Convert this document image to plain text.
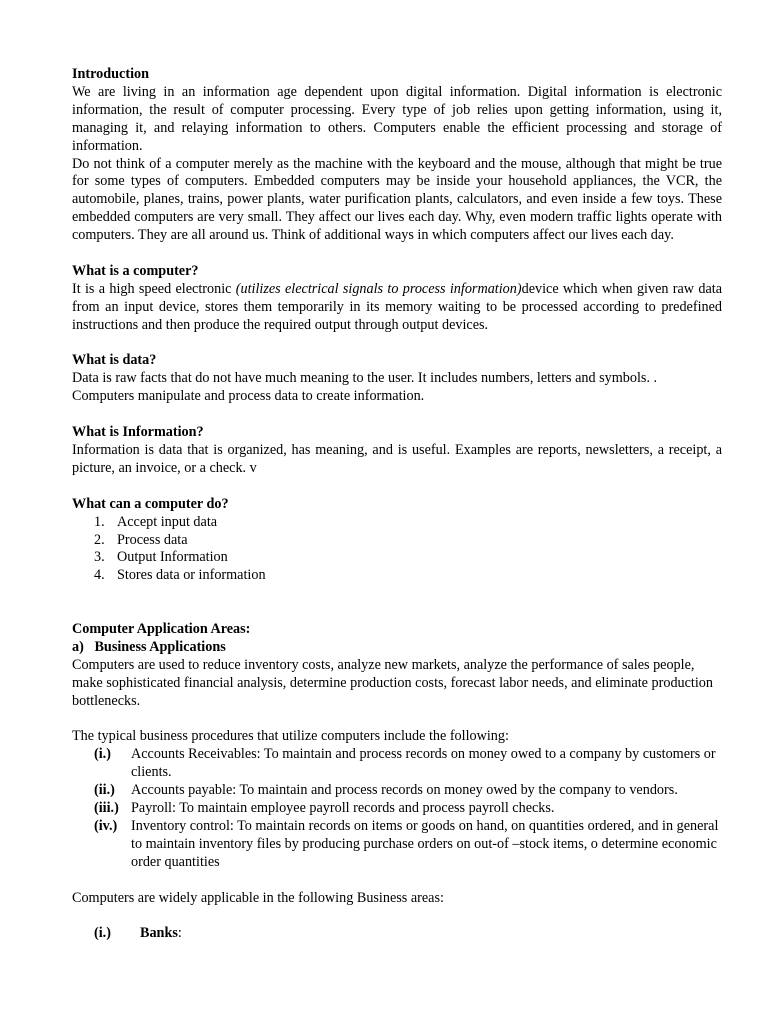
Introduction

We are living in an information age dependent upon digital information. Digital information is electronic information, the result of computer processing. Every type of job relies upon getting information, using it, managing it, and relaying information to others. Computers enable the efficient processing and storage of information.

Do not think of a computer merely as the machine with the keyboard and the mouse, although that might be true for some types of computers. Embedded computers may be inside your household appliances, the VCR, the automobile, planes, trains, power plants, water purification plants, calculators, and even inside a few toys. These embedded computers are very small. They affect our lives each day. Why, even modern traffic lights operate with computers. They are all around us. Think of additional ways in which computers affect our lives each day.

What is a computer?

It is a high speed electronic (utilizes electrical signals to process information)device which when given raw data from an input device, stores them temporarily in its memory waiting to be processed according to predefined instructions and then produce the required output through output devices.

What is data?

Data is raw facts that do not have much meaning to the user. It includes numbers, letters and symbols. . Computers manipulate and process data to create information.

What is Information?

Information is data that is organized, has meaning, and is useful. Examples are reports, newsletters, a receipt, a picture, an invoice, or a check. v

What can a computer do?

1. Accept input data
2. Process data
3. Output Information
4. Stores data or information

Computer Application Areas:

a) Business Applications

Computers are used to reduce inventory costs, analyze new markets, analyze the performance of sales people, make sophisticated financial analysis, determine production costs, forecast labor needs, and eliminate production bottlenecks.

The typical business procedures that utilize computers include the following:

(i.) Accounts Receivables: To maintain and process records on money owed to a company by customers or clients.
(ii.) Accounts payable: To maintain and process records on money owed by the company to vendors.
(iii.) Payroll: To maintain employee payroll records and process payroll checks.
(iv.) Inventory control: To maintain records on items or goods on hand, on quantities ordered, and in general to maintain inventory files by producing purchase orders on out-of –stock items, o determine economic order quantities

Computers are widely applicable in the following Business areas:

(i.) Banks:
